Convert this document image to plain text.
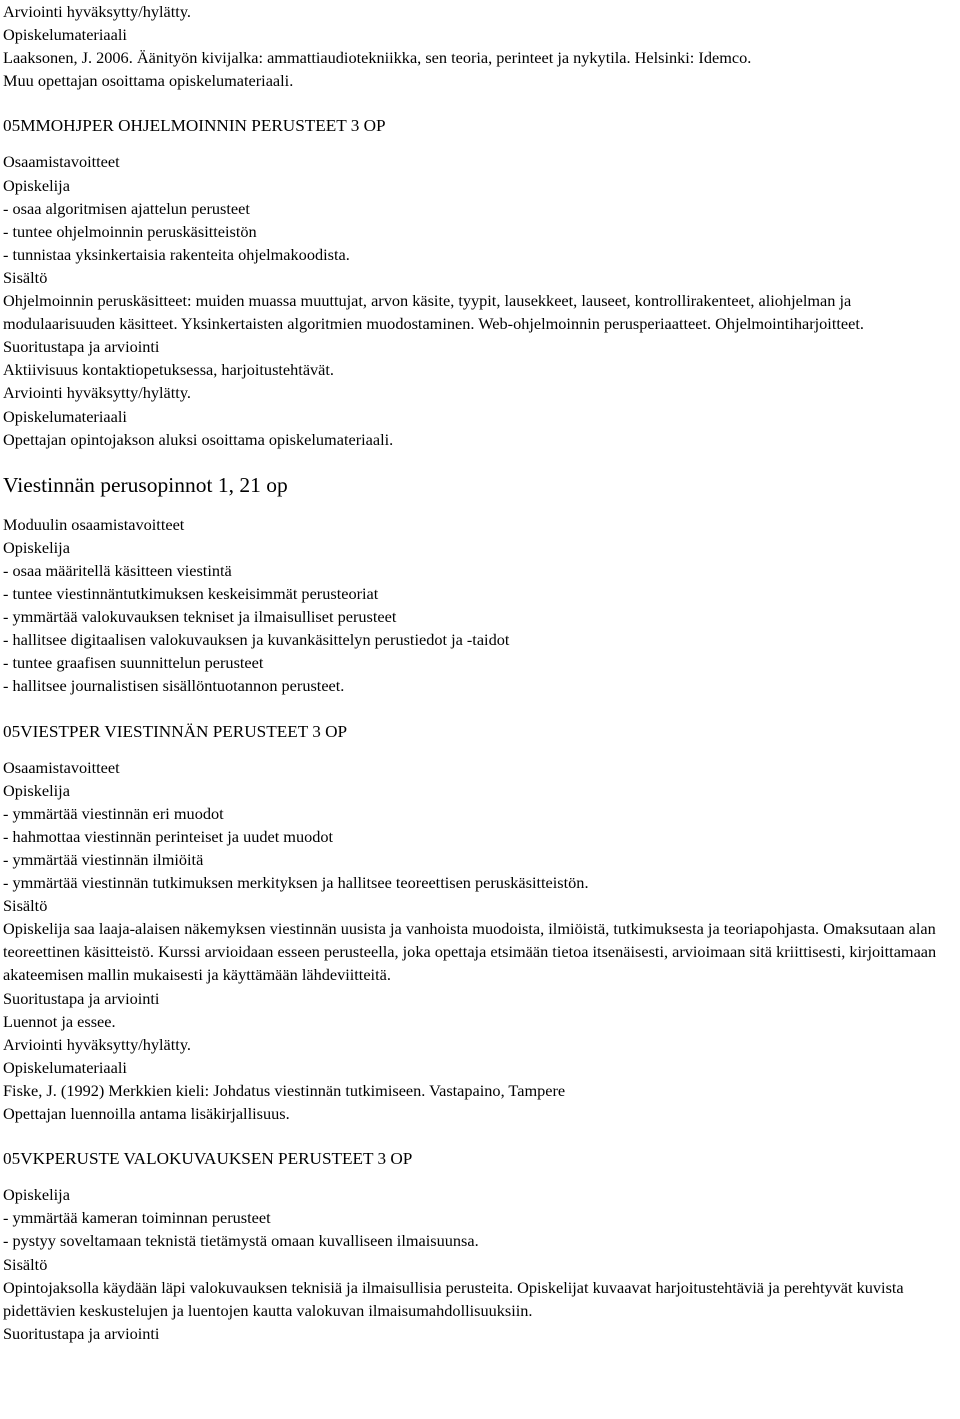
Arviointi hyväksytty/hylätty.
Opiskelumateriaali
Laaksonen, J. 2006. Äänityön kivijalka: ammattiaudiotekniikka, sen teoria, perinteet ja nykytila. Helsinki: Idemco.
Muu opettajan osoittama opiskelumateriaali.
05MMOHJPER OHJELMOINNIN PERUSTEET 3 OP
Osaamistavoitteet
Opiskelija
- osaa algoritmisen ajattelun perusteet
- tuntee ohjelmoinnin peruskäsitteistön
- tunnistaa yksinkertaisia rakenteita ohjelmakoodista.
Sisältö
Ohjelmoinnin peruskäsitteet: muiden muassa muuttujat, arvon käsite, tyypit, lausekkeet, lauseet, kontrollirakenteet, aliohjelman ja modulaarisuuden käsitteet. Yksinkertaisten algoritmien muodostaminen. Web-ohjelmoinnin perusperiaatteet. Ohjelmointiharjoitteet.
Suoritustapa ja arviointi
Aktiivisuus kontaktiopetuksessa, harjoitustehtävät.
Arviointi hyväksytty/hylätty.
Opiskelumateriaali
Opettajan opintojakson aluksi osoittama opiskelumateriaali.
Viestinnän perusopinnot 1, 21 op
Moduulin osaamistavoitteet
Opiskelija
- osaa määritellä käsitteen viestintä
- tuntee viestinnäntutkimuksen keskeisimmät perusteoriat
- ymmärtää valokuvauksen tekniset ja ilmaisulliset perusteet
- hallitsee digitaalisen valokuvauksen ja kuvankäsittelyn perustiedot ja -taidot
- tuntee graafisen suunnittelun perusteet
- hallitsee journalistisen sisällöntuotannon perusteet.
05VIESTPER VIESTINNÄN PERUSTEET 3 OP
Osaamistavoitteet
Opiskelija
- ymmärtää viestinnän eri muodot
- hahmottaa viestinnän perinteiset ja uudet muodot
- ymmärtää viestinnän ilmiöitä
- ymmärtää viestinnän tutkimuksen merkityksen ja hallitsee teoreettisen peruskäsitteistön.
Sisältö
Opiskelija saa laaja-alaisen näkemyksen viestinnän uusista ja vanhoista muodoista, ilmiöistä, tutkimuksesta ja teoriapohjasta. Omaksutaan alan teoreettinen käsitteistö. Kurssi arvioidaan esseen perusteella, joka opettaja etsimään tietoa itsenäisesti, arvioimaan sitä kriittisesti, kirjoittamaan akateemisen mallin mukaisesti ja käyttämään lähdeviitteitä.
Suoritustapa ja arviointi
Luennot ja essee.
Arviointi hyväksytty/hylätty.
Opiskelumateriaali
Fiske, J. (1992) Merkkien kieli: Johdatus viestinnän tutkimiseen. Vastapaino, Tampere
Opettajan luennoilla antama lisäkirjallisuus.
05VKPERUSTE VALOKUVAUKSEN PERUSTEET 3 OP
Opiskelija
- ymmärtää kameran toiminnan perusteet
- pystyy soveltamaan teknistä tietämystä omaan kuvalliseen ilmaisuunsa.
Sisältö
Opintojaksolla käydään läpi valokuvauksen teknisiä ja ilmaisullisia perusteita. Opiskelijat kuvaavat harjoitustehtäviä ja perehtyvät kuvista pidettävien keskustelujen ja luentojen kautta valokuvan ilmaisumahdollisuuksiin.
Suoritustapa ja arviointi
